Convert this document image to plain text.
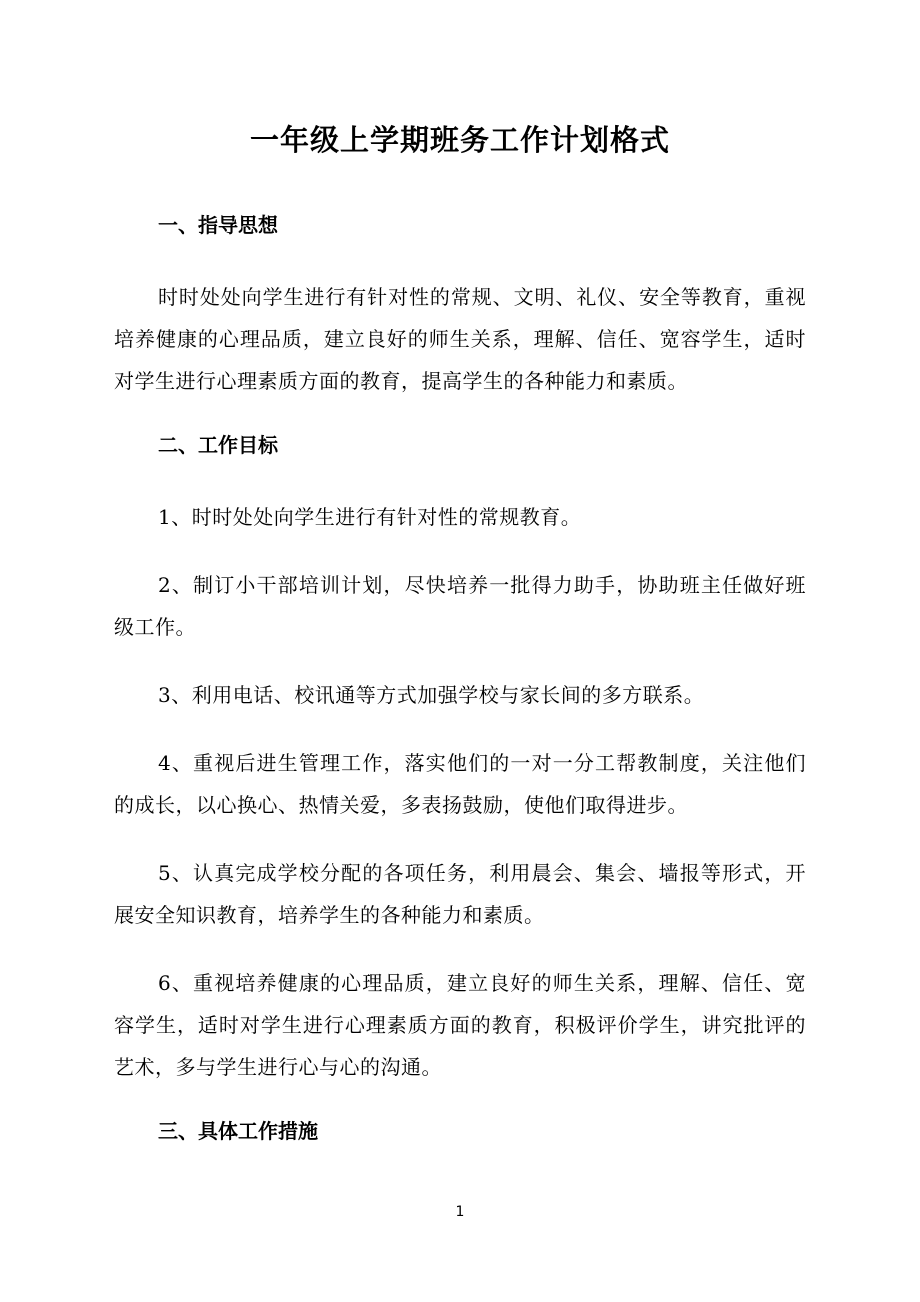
一年级上学期班务工作计划格式
一、指导思想

时时处处向学生进行有针对性的常规、文明、礼仪、安全等教育，重视培养健康的心理品质，建立良好的师生关系，理解、信任、宽容学生，适时对学生进行心理素质方面的教育，提高学生的各种能力和素质。

二、工作目标

1、时时处处向学生进行有针对性的常规教育。

2、制订小干部培训计划，尽快培养一批得力助手，协助班主任做好班级工作。

3、利用电话、校讯通等方式加强学校与家长间的多方联系。

4、重视后进生管理工作，落实他们的一对一分工帮教制度，关注他们的成长，以心换心、热情关爱，多表扬鼓励，使他们取得进步。

5、认真完成学校分配的各项任务，利用晨会、集会、墙报等形式，开展安全知识教育，培养学生的各种能力和素质。

6、重视培养健康的心理品质，建立良好的师生关系，理解、信任、宽容学生，适时对学生进行心理素质方面的教育，积极评价学生，讲究批评的艺术，多与学生进行心与心的沟通。

三、具体工作措施
1
